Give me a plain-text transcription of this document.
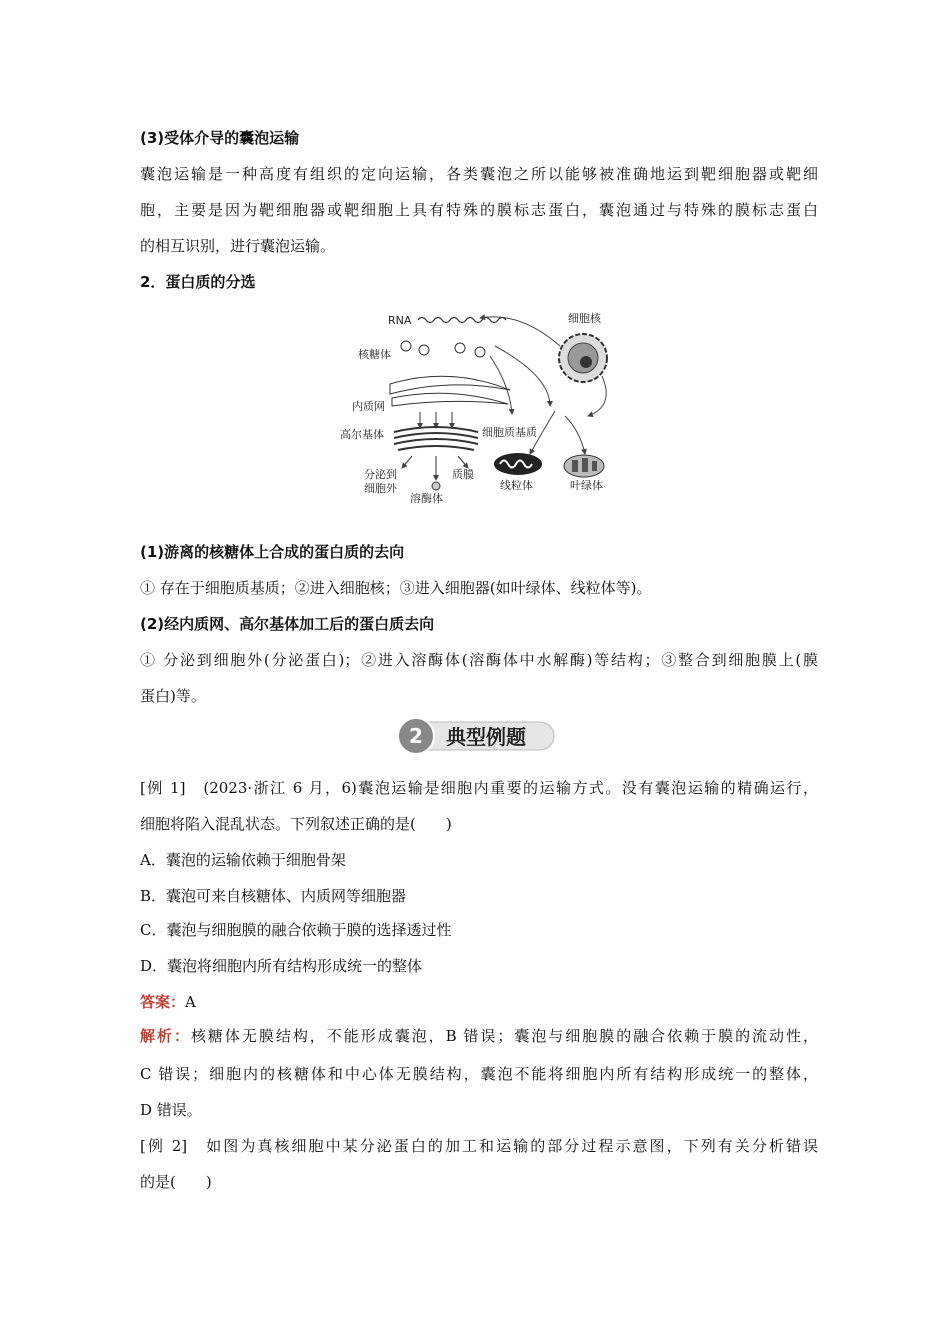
(3)受体介导的囊泡运输
囊泡运输是一种高度有组织的定向运输，各类囊泡之所以能够被准确地运到靶细胞器或靶细
胞，主要是因为靶细胞器或靶细胞上具有特殊的膜标志蛋白，囊泡通过与特殊的膜标志蛋白
的相互识别，进行囊泡运输。
2．蛋白质的分选
RNA	细胞核
核糖体
内质网
高尔基体
分泌到
细胞外
溶酶体
质膜
细胞质基质
线粒体	叶绿体
(1)游离的核糖体上合成的蛋白质的去向
① 存在于细胞质基质；②进入细胞核；③进入细胞器(如叶绿体、线粒体等)。
(2)经内质网、高尔基体加工后的蛋白质去向
① 分泌到细胞外(分泌蛋白)；②进入溶酶体(溶酶体中水解酶)等结构；③整合到细胞膜上(膜
蛋白)等。
2 典型例题
[例 1]　(2023·浙江 6 月，6)囊泡运输是细胞内重要的运输方式。没有囊泡运输的精确运行，
细胞将陷入混乱状态。下列叙述正确的是(　　)
A．囊泡的运输依赖于细胞骨架
B．囊泡可来自核糖体、内质网等细胞器
C．囊泡与细胞膜的融合依赖于膜的选择透过性
D．囊泡将细胞内所有结构形成统一的整体
答案：A
解析：核糖体无膜结构，不能形成囊泡，B 错误；囊泡与细胞膜的融合依赖于膜的流动性，
C 错误；细胞内的核糖体和中心体无膜结构，囊泡不能将细胞内所有结构形成统一的整体，
D 错误。
[例 2]　如图为真核细胞中某分泌蛋白的加工和运输的部分过程示意图，下列有关分析错误
的是(　　)
